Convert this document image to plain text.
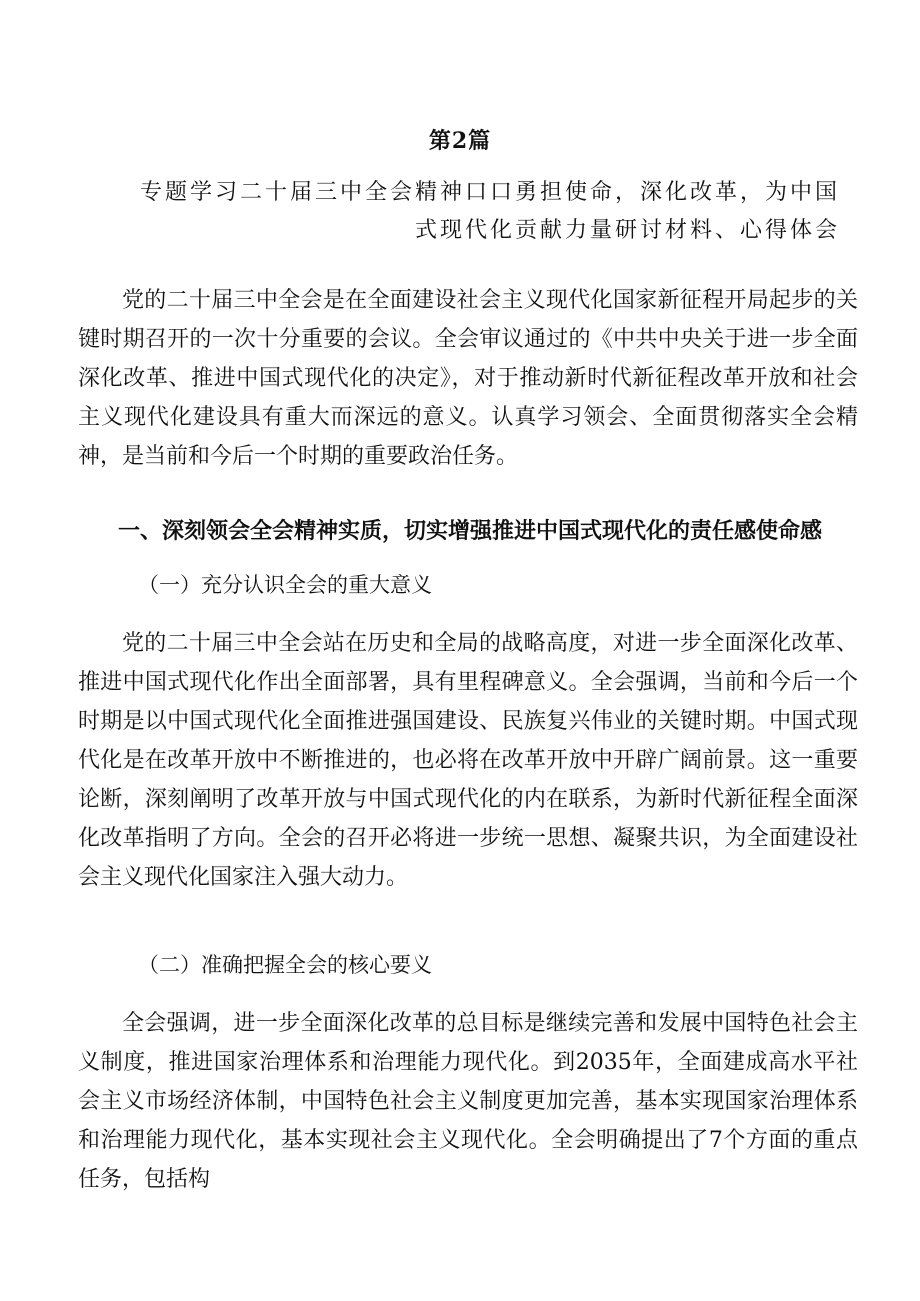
第2篇
专题学习二十届三中全会精神口口勇担使命，深化改革，为中国
式现代化贡献力量研讨材料、心得体会

党的二十届三中全会是在全面建设社会主义现代化国家新征程开局起步的关键时期召开的一次十分重要的会议。全会审议通过的《中共中央关于进一步全面深化改革、推进中国式现代化的决定》，对于推动新时代新征程改革开放和社会主义现代化建设具有重大而深远的意义。认真学习领会、全面贯彻落实全会精神，是当前和今后一个时期的重要政治任务。

一、深刻领会全会精神实质，切实增强推进中国式现代化的责任感使命感
（一）充分认识全会的重大意义

党的二十届三中全会站在历史和全局的战略高度，对进一步全面深化改革、推进中国式现代化作出全面部署，具有里程碑意义。全会强调，当前和今后一个时期是以中国式现代化全面推进强国建设、民族复兴伟业的关键时期。中国式现代化是在改革开放中不断推进的，也必将在改革开放中开辟广阔前景。这一重要论断，深刻阐明了改革开放与中国式现代化的内在联系，为新时代新征程全面深化改革指明了方向。全会的召开必将进一步统一思想、凝聚共识，为全面建设社会主义现代化国家注入强大动力。

（二）准确把握全会的核心要义

全会强调，进一步全面深化改革的总目标是继续完善和发展中国特色社会主义制度，推进国家治理体系和治理能力现代化。到2035年，全面建成高水平社会主义市场经济体制，中国特色社会主义制度更加完善，基本实现国家治理体系和治理能力现代化，基本实现社会主义现代化。全会明确提出了7个方面的重点任务，包括构
